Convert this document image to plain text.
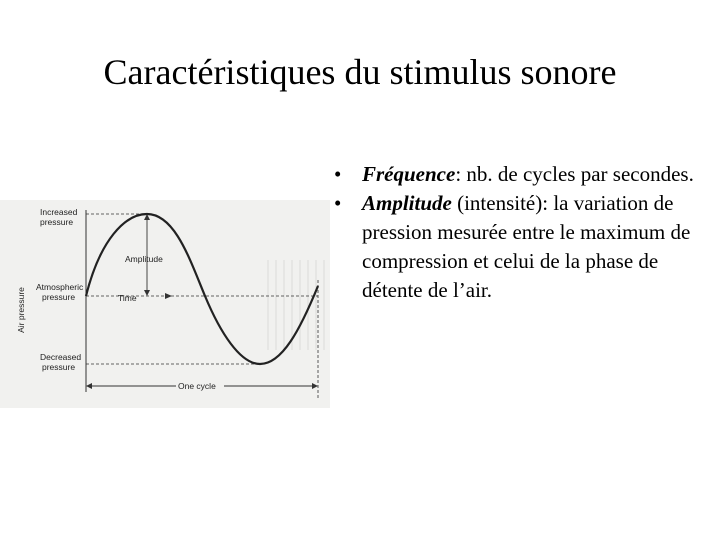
Caractéristiques du stimulus sonore
Air pressure
Increased
pressure
Atmospheric
pressure
Decreased
pressure
Amplitude
Time
One cycle
• Fréquence: nb. de cycles par secondes.
• Amplitude (intensité): la variation de pression mesurée entre le maximum de compression et celui de la phase de détente de l’air.
